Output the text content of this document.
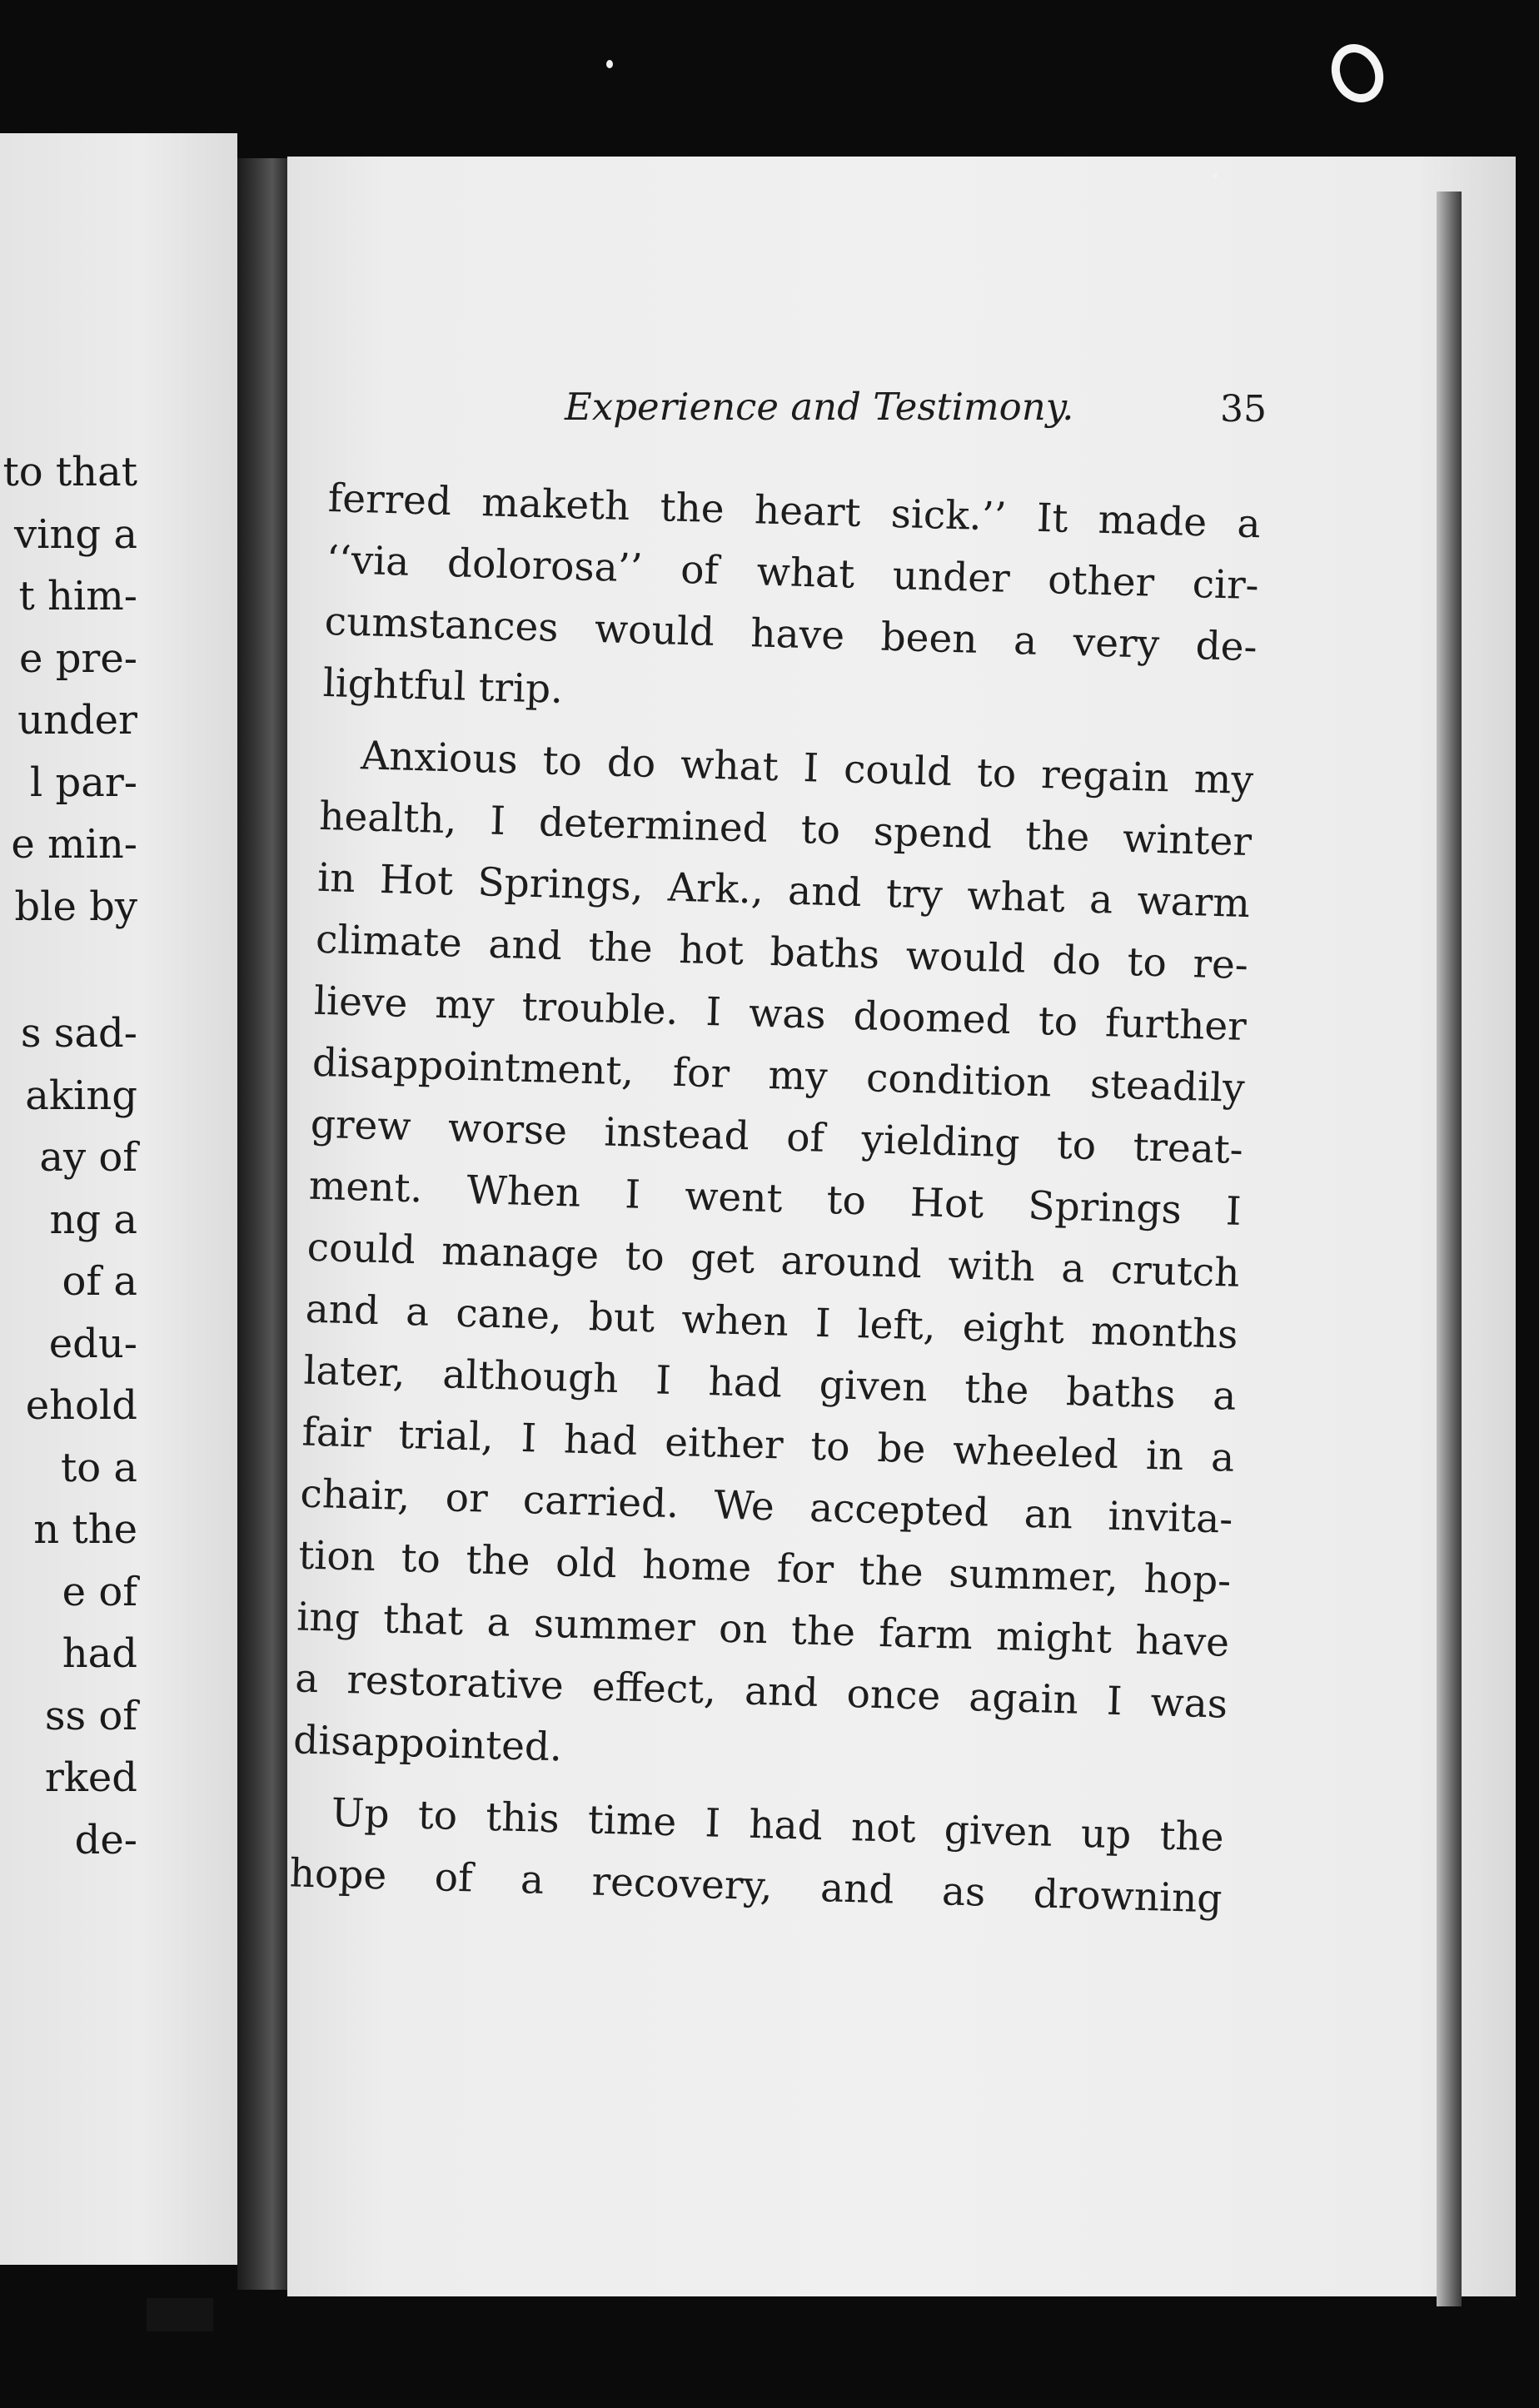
to that
ving a
t him-
e pre-
under
l par-
e min-
ble by
s sad-
aking
ay of
ng a
of a
edu-
ehold
to a
n the
e of
had
ss of
rked
de-
Experience and Testimony.	35
ferred maketh the heart sick.’’ It made a
‘‘via dolorosa’’ of what under other cir-
cumstances would have been a very de-
lightful trip.
Anxious to do what I could to regain my
health, I determined to spend the winter
in Hot Springs, Ark., and try what a warm
climate and the hot baths would do to re-
lieve my trouble. I was doomed to further
disappointment, for my condition steadily
grew worse instead of yielding to treat-
ment. When I went to Hot Springs I
could manage to get around with a crutch
and a cane, but when I left, eight months
later, although I had given the baths a
fair trial, I had either to be wheeled in a
chair, or carried. We accepted an invita-
tion to the old home for the summer, hop-
ing that a summer on the farm might have
a restorative effect, and once again I was
disappointed.
Up to this time I had not given up the
hope of a recovery, and as drowning
